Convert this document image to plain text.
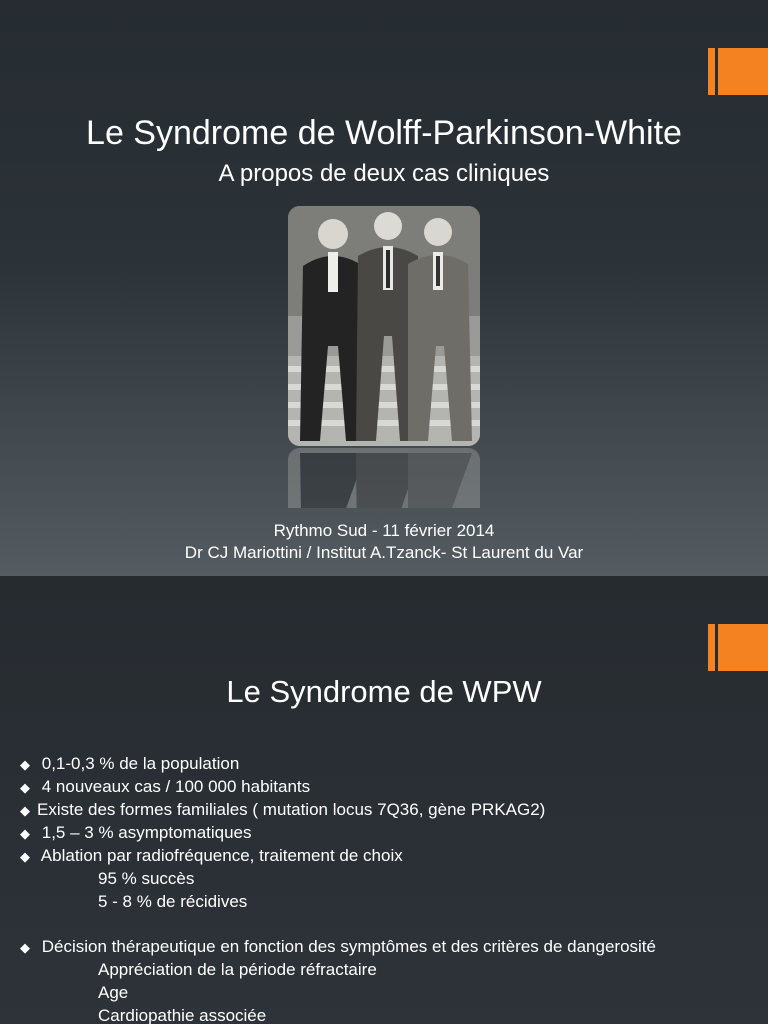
Le Syndrome de Wolff-Parkinson-White
A propos de deux cas cliniques
Rythmo Sud - 11 février 2014
Dr CJ Mariottini / Institut A.Tzanck- St Laurent du Var
Le Syndrome de WPW
◆ 0,1-0,3 % de la population
◆ 4 nouveaux cas / 100 000 habitants
◆ Existe des formes familiales ( mutation locus 7Q36, gène PRKAG2)
◆ 1,5 – 3 % asymptomatiques
◆ Ablation par radiofréquence, traitement de choix
95 % succès
5 - 8 % de récidives
◆ Décision thérapeutique en fonction des symptômes et des critères de dangerosité
Appréciation de la période réfractaire
Age
Cardiopathie associée
